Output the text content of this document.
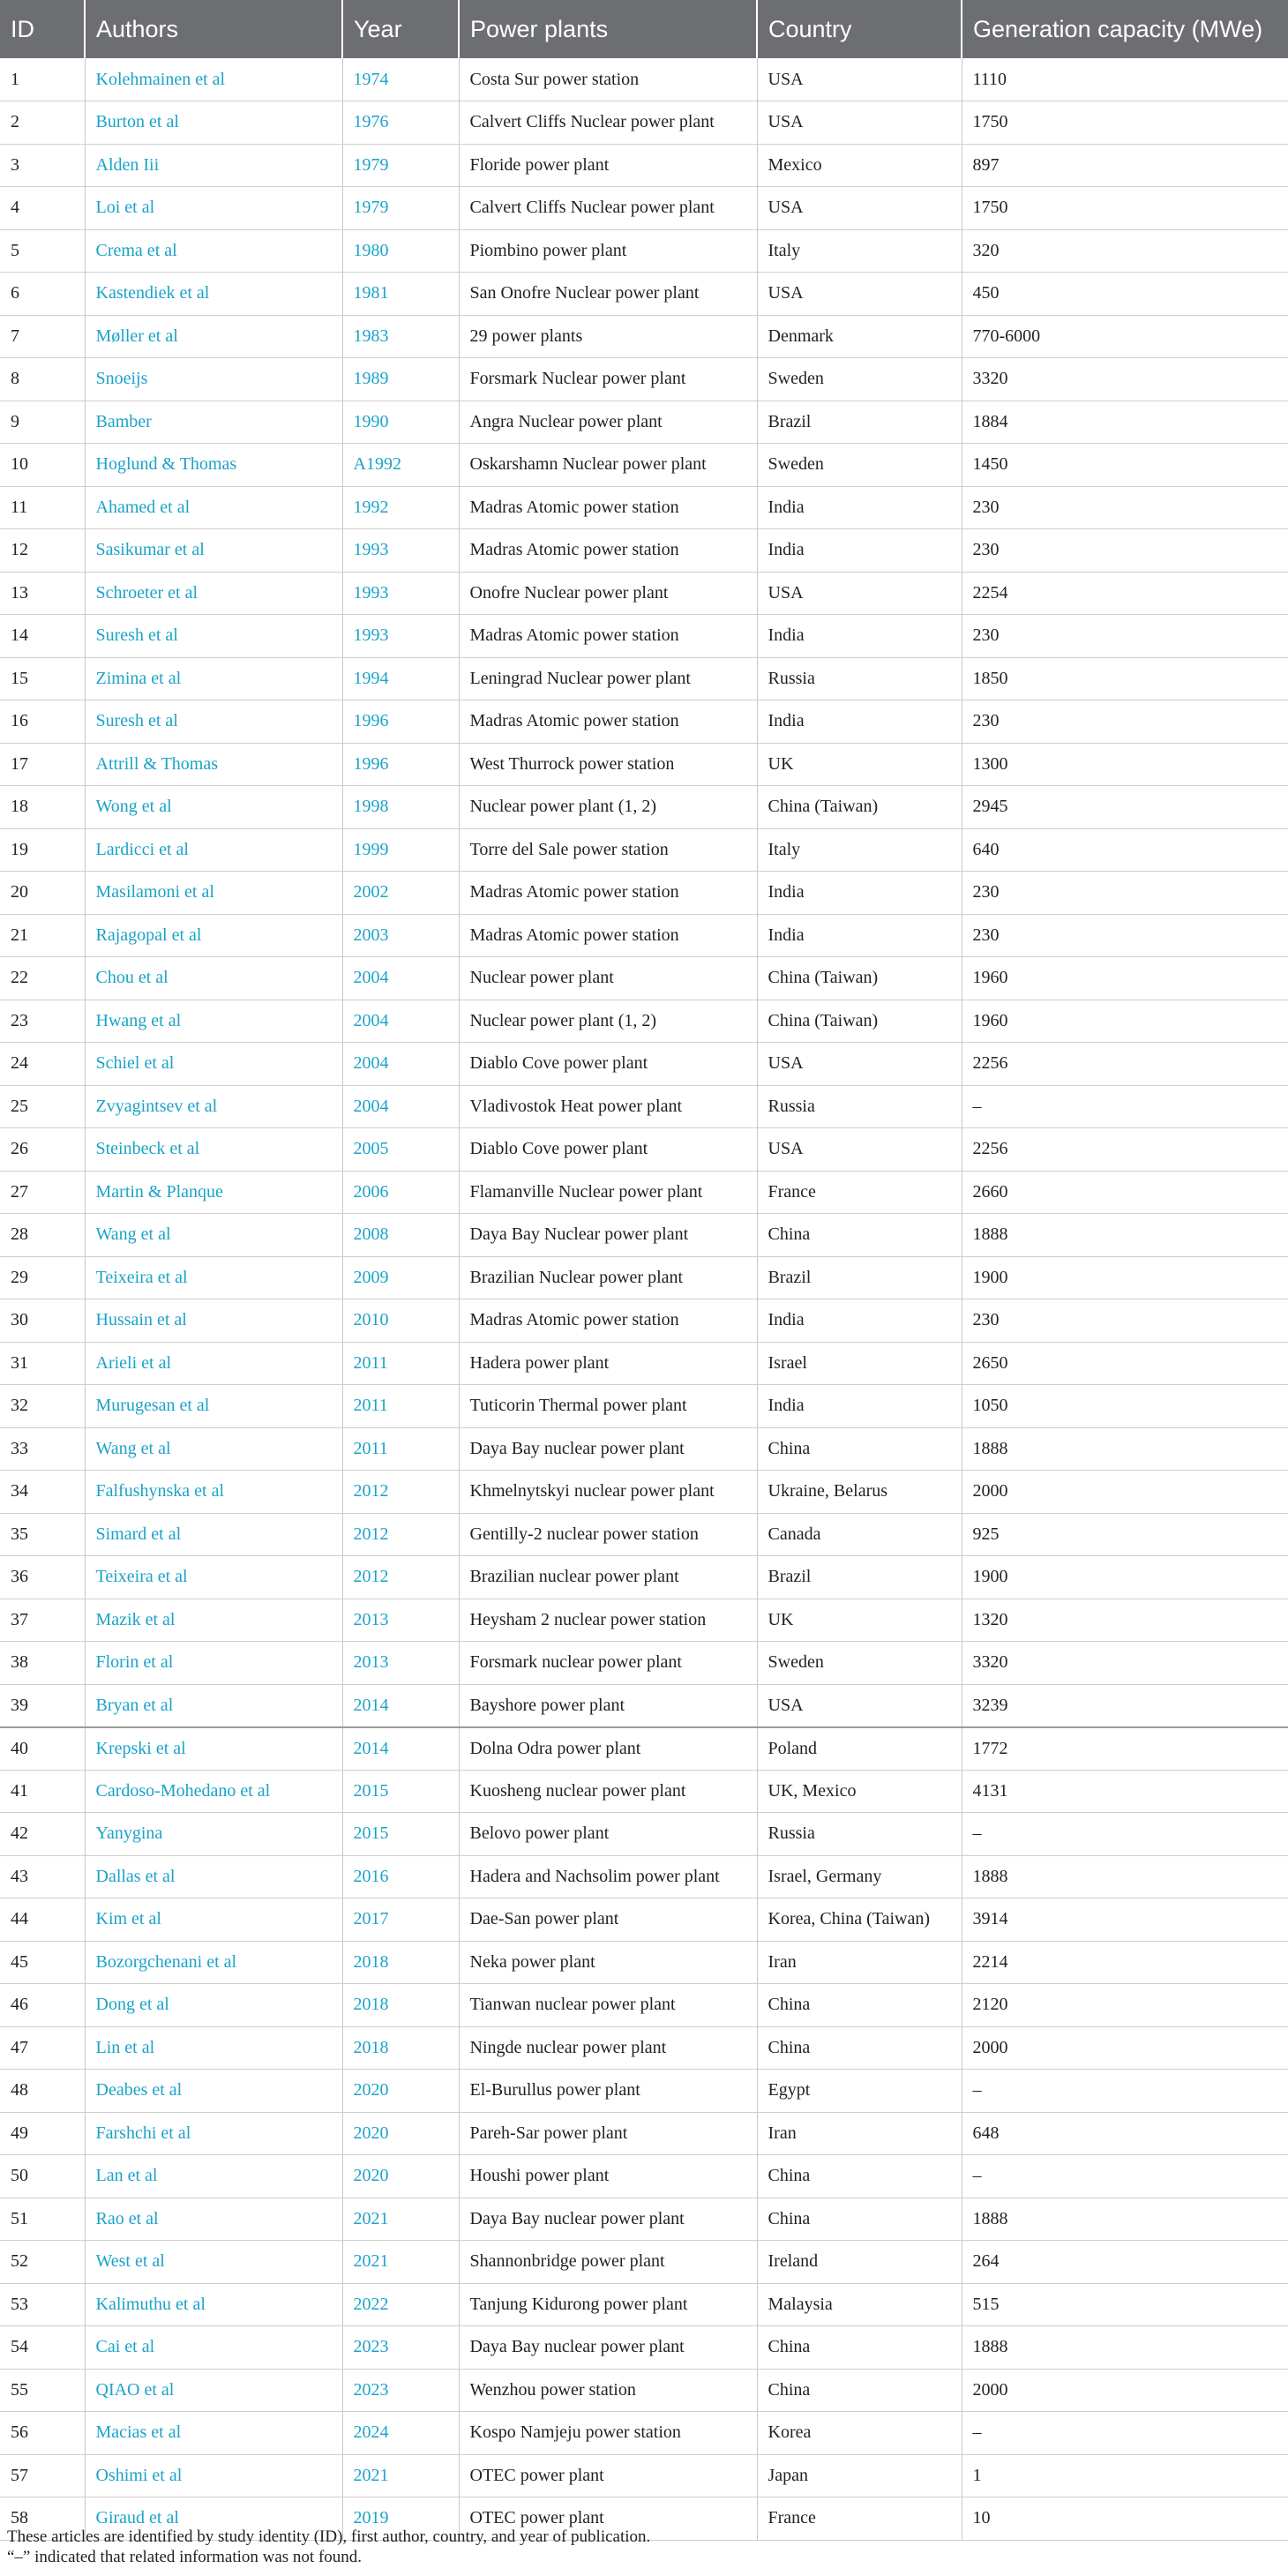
ID	Authors	Year	Power plants	Country	Generation capacity (MWe)
1	Kolehmainen et al	1974	Costa Sur power station	USA	1110
2	Burton et al	1976	Calvert Cliffs Nuclear power plant	USA	1750
3	Alden Iii	1979	Floride power plant	Mexico	897
4	Loi et al	1979	Calvert Cliffs Nuclear power plant	USA	1750
5	Crema et al	1980	Piombino power plant	Italy	320
6	Kastendiek et al	1981	San Onofre Nuclear power plant	USA	450
7	Møller et al	1983	29 power plants	Denmark	770-6000
8	Snoeijs	1989	Forsmark Nuclear power plant	Sweden	3320
9	Bamber	1990	Angra Nuclear power plant	Brazil	1884
10	Hoglund & Thomas	A1992	Oskarshamn Nuclear power plant	Sweden	1450
11	Ahamed et al	1992	Madras Atomic power station	India	230
12	Sasikumar et al	1993	Madras Atomic power station	India	230
13	Schroeter et al	1993	Onofre Nuclear power plant	USA	2254
14	Suresh et al	1993	Madras Atomic power station	India	230
15	Zimina et al	1994	Leningrad Nuclear power plant	Russia	1850
16	Suresh et al	1996	Madras Atomic power station	India	230
17	Attrill & Thomas	1996	West Thurrock power station	UK	1300
18	Wong et al	1998	Nuclear power plant (1, 2)	China (Taiwan)	2945
19	Lardicci et al	1999	Torre del Sale power station	Italy	640
20	Masilamoni et al	2002	Madras Atomic power station	India	230
21	Rajagopal et al	2003	Madras Atomic power station	India	230
22	Chou et al	2004	Nuclear power plant	China (Taiwan)	1960
23	Hwang et al	2004	Nuclear power plant (1, 2)	China (Taiwan)	1960
24	Schiel et al	2004	Diablo Cove power plant	USA	2256
25	Zvyagintsev et al	2004	Vladivostok Heat power plant	Russia	–
26	Steinbeck et al	2005	Diablo Cove power plant	USA	2256
27	Martin & Planque	2006	Flamanville Nuclear power plant	France	2660
28	Wang et al	2008	Daya Bay Nuclear power plant	China	1888
29	Teixeira et al	2009	Brazilian Nuclear power plant	Brazil	1900
30	Hussain et al	2010	Madras Atomic power station	India	230
31	Arieli et al	2011	Hadera power plant	Israel	2650
32	Murugesan et al	2011	Tuticorin Thermal power plant	India	1050
33	Wang et al	2011	Daya Bay nuclear power plant	China	1888
34	Falfushynska et al	2012	Khmelnytskyi nuclear power plant	Ukraine, Belarus	2000
35	Simard et al	2012	Gentilly-2 nuclear power station	Canada	925
36	Teixeira et al	2012	Brazilian nuclear power plant	Brazil	1900
37	Mazik et al	2013	Heysham 2 nuclear power station	UK	1320
38	Florin et al	2013	Forsmark nuclear power plant	Sweden	3320
39	Bryan et al	2014	Bayshore power plant	USA	3239
40	Krepski et al	2014	Dolna Odra power plant	Poland	1772
41	Cardoso-Mohedano et al	2015	Kuosheng nuclear power plant	UK, Mexico	4131
42	Yanygina	2015	Belovo power plant	Russia	–
43	Dallas et al	2016	Hadera and Nachsolim power plant	Israel, Germany	1888
44	Kim et al	2017	Dae-San power plant	Korea, China (Taiwan)	3914
45	Bozorgchenani et al	2018	Neka power plant	Iran	2214
46	Dong et al	2018	Tianwan nuclear power plant	China	2120
47	Lin et al	2018	Ningde nuclear power plant	China	2000
48	Deabes et al	2020	El-Burullus power plant	Egypt	–
49	Farshchi et al	2020	Pareh-Sar power plant	Iran	648
50	Lan et al	2020	Houshi power plant	China	–
51	Rao et al	2021	Daya Bay nuclear power plant	China	1888
52	West et al	2021	Shannonbridge power plant	Ireland	264
53	Kalimuthu et al	2022	Tanjung Kidurong power plant	Malaysia	515
54	Cai et al	2023	Daya Bay nuclear power plant	China	1888
55	QIAO et al	2023	Wenzhou power station	China	2000
56	Macias et al	2024	Kospo Namjeju power station	Korea	–
57	Oshimi et al	2021	OTEC power plant	Japan	1
58	Giraud et al	2019	OTEC power plant	France	10
These articles are identified by study identity (ID), first author, country, and year of publication.
“–” indicated that related information was not found.
